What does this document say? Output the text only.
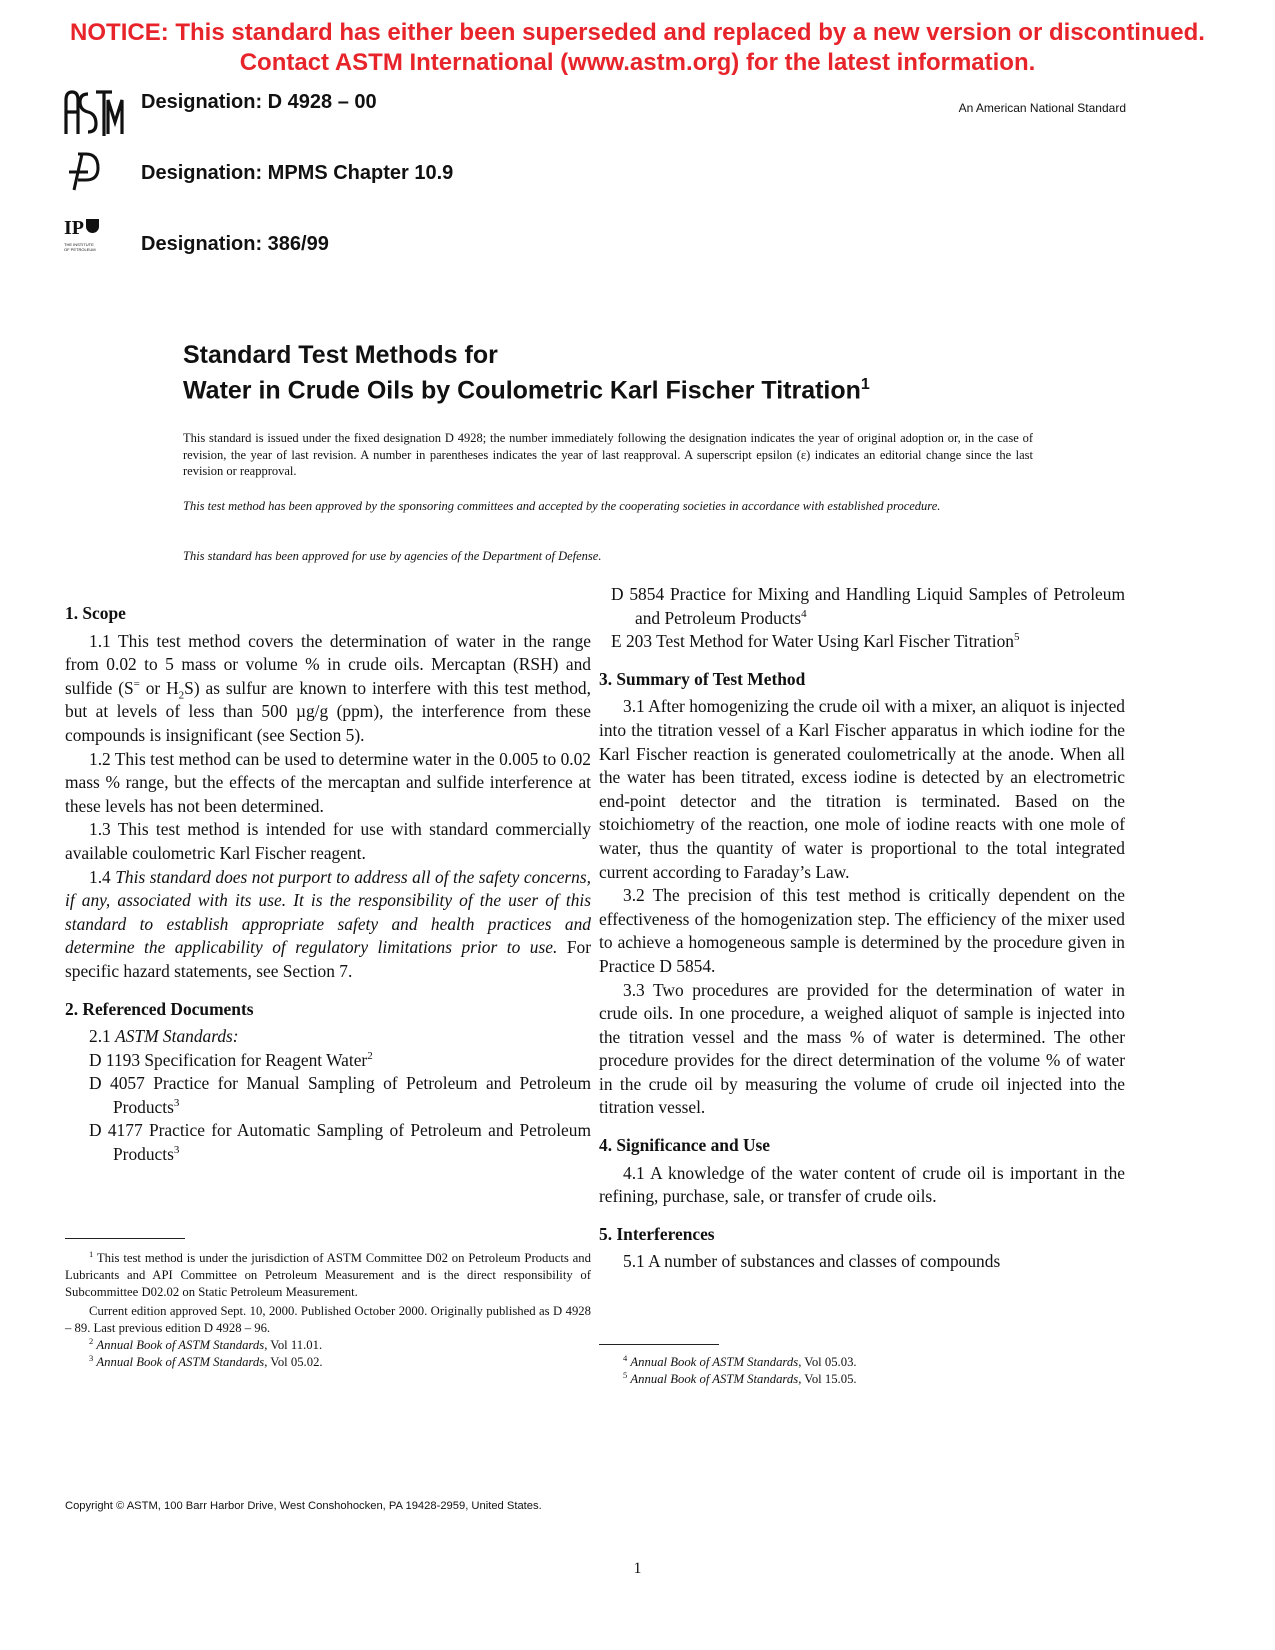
NOTICE: This standard has either been superseded and replaced by a new version or discontinued.
Contact ASTM International (www.astm.org) for the latest information.
IP
THE INSTITUTE
OF PETROLEUM
Designation: D 4928 – 00	An American National Standard
Designation: MPMS Chapter 10.9
Designation: 386/99
Standard Test Methods for
Water in Crude Oils by Coulometric Karl Fischer Titration$^1$
This standard is issued under the fixed designation D 4928; the number immediately following the designation indicates the year of original adoption or, in the case of revision, the year of last revision. A number in parentheses indicates the year of last reapproval. A superscript epsilon (ε) indicates an editorial change since the last revision or reapproval.
This test method has been approved by the sponsoring committees and accepted by the cooperating societies in accordance with established procedure.
This standard has been approved for use by agencies of the Department of Defense.
1. Scope

1.1 This test method covers the determination of water in the range from 0.02 to 5 mass or volume % in crude oils. Mercaptan (RSH) and sulfide (S= or $H_2S$) as sulfur are known to interfere with this test method, but at levels of less than 500 µg/g (ppm), the interference from these compounds is insignificant (see Section 5).

1.2 This test method can be used to determine water in the 0.005 to 0.02 mass % range, but the effects of the mercaptan and sulfide interference at these levels has not been determined.

1.3 This test method is intended for use with standard commercially available coulometric Karl Fischer reagent.

1.4 This standard does not purport to address all of the safety concerns, if any, associated with its use. It is the responsibility of the user of this standard to establish appropriate safety and health practices and determine the applicability of regulatory limitations prior to use. For specific hazard statements, see Section 7.

2. Referenced Documents

2.1 ASTM Standards:

D 1193 Specification for Reagent Water$^2$

D 4057 Practice for Manual Sampling of Petroleum and Petroleum Products$^3$

D 4177 Practice for Automatic Sampling of Petroleum and Petroleum Products$^3$

$^1$ This test method is under the jurisdiction of ASTM Committee D02 on Petroleum Products and Lubricants and API Committee on Petroleum Measurement and is the direct responsibility of Subcommittee D02.02 on Static Petroleum Measurement.

Current edition approved Sept. 10, 2000. Published October 2000. Originally published as D 4928 – 89. Last previous edition D 4928 – 96.

$^2$ Annual Book of ASTM Standards, Vol 11.01.

$^3$ Annual Book of ASTM Standards, Vol 05.02.

D 5854 Practice for Mixing and Handling Liquid Samples of Petroleum and Petroleum Products$^4$

E 203 Test Method for Water Using Karl Fischer Titration$^5$

3. Summary of Test Method

3.1 After homogenizing the crude oil with a mixer, an aliquot is injected into the titration vessel of a Karl Fischer apparatus in which iodine for the Karl Fischer reaction is generated coulometrically at the anode. When all the water has been titrated, excess iodine is detected by an electrometric end-point detector and the titration is terminated. Based on the stoichiometry of the reaction, one mole of iodine reacts with one mole of water, thus the quantity of water is proportional to the total integrated current according to Faraday’s Law.

3.2 The precision of this test method is critically dependent on the effectiveness of the homogenization step. The efficiency of the mixer used to achieve a homogeneous sample is determined by the procedure given in Practice D 5854.

3.3 Two procedures are provided for the determination of water in crude oils. In one procedure, a weighed aliquot of sample is injected into the titration vessel and the mass % of water is determined. The other procedure provides for the direct determination of the volume % of water in the crude oil by measuring the volume of crude oil injected into the titration vessel.

4. Significance and Use

4.1 A knowledge of the water content of crude oil is important in the refining, purchase, sale, or transfer of crude oils.

5. Interferences

5.1 A number of substances and classes of compounds

$^4$ Annual Book of ASTM Standards, Vol 05.03.

$^5$ Annual Book of ASTM Standards, Vol 15.05.

Copyright © ASTM, 100 Barr Harbor Drive, West Conshohocken, PA 19428-2959, United States.
1
